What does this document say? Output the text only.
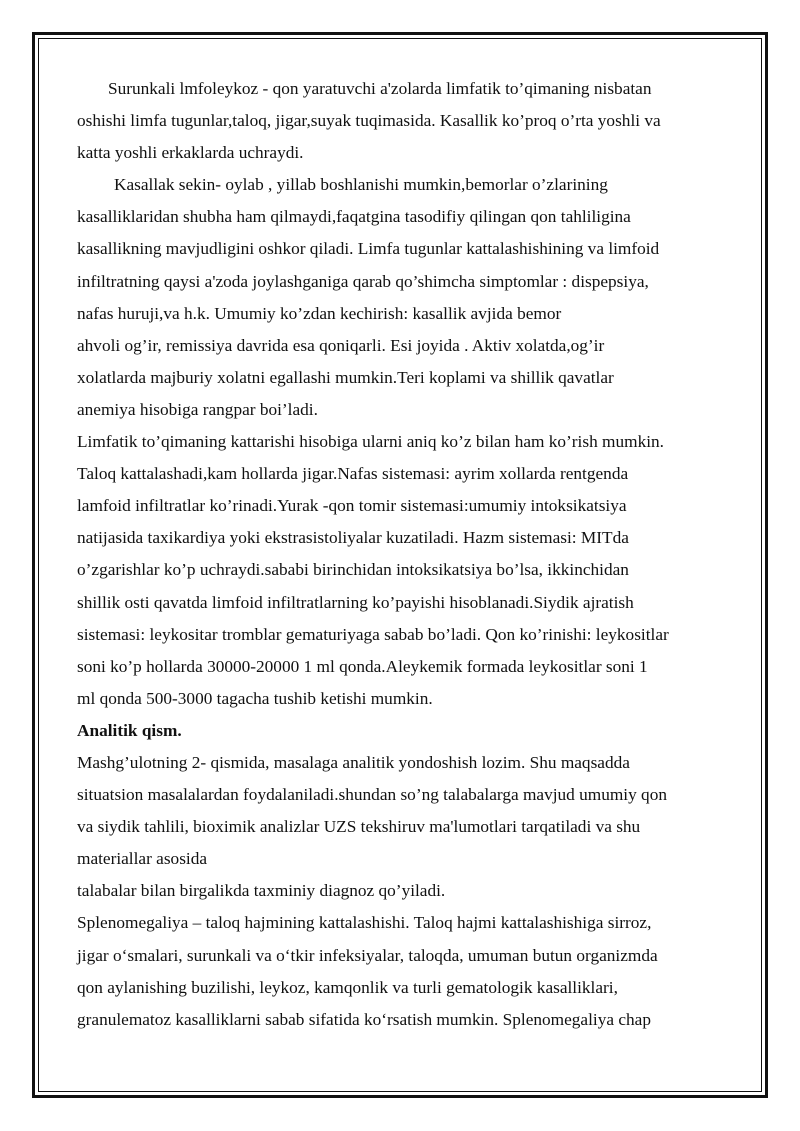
Surunkali lmfoleykoz - qon yaratuvchi a'zolarda limfatik to’qimaning nisbatan
oshishi limfa tugunlar,taloq, jigar,suyak tuqimasida. Kasallik ko’proq o’rta yoshli va
katta yoshli erkaklarda uchraydi.
Kasallak sekin- oylab , yillab boshlanishi mumkin,bemorlar o’zlarining
kasalliklaridan shubha ham qilmaydi,faqatgina tasodifiy qilingan qon tahliligina
kasallikning mavjudligini oshkor qiladi. Limfa tugunlar kattalashishining va limfoid
infiltratning qaysi a'zoda joylashganiga qarab qo’shimcha simptomlar : dispepsiya,
nafas huruji,va h.k. Umumiy ko’zdan kechirish: kasallik avjida bemor
ahvoli og’ir, remissiya davrida esa qoniqarli. Esi joyida . Aktiv xolatda,og’ir
xolatlarda majburiy xolatni egallashi mumkin.Teri koplami va shillik qavatlar
anemiya hisobiga rangpar boi’ladi.
Limfatik to’qimaning kattarishi hisobiga ularni aniq ko’z bilan ham ko’rish mumkin.
Taloq kattalashadi,kam hollarda jigar.Nafas sistemasi: ayrim xollarda rentgenda
lamfoid infiltratlar ko’rinadi.Yurak -qon tomir sistemasi:umumiy intoksikatsiya
natijasida taxikardiya yoki ekstrasistoliyalar kuzatiladi. Hazm sistemasi: MITda
o’zgarishlar ko’p uchraydi.sababi birinchidan intoksikatsiya bo’lsa, ikkinchidan
shillik osti qavatda limfoid infiltratlarning ko’payishi hisoblanadi.Siydik ajratish
sistemasi: leykositar tromblar gematuriyaga sabab bo’ladi. Qon ko’rinishi: leykositlar
soni ko’p hollarda 30000-20000 1 ml qonda.Aleykemik formada leykositlar soni 1
ml qonda 500-3000 tagacha tushib ketishi mumkin.
Analitik qism.
Mashg’ulotning 2- qismida, masalaga analitik yondoshish lozim. Shu maqsadda
situatsion masalalardan foydalaniladi.shundan so’ng talabalarga mavjud umumiy qon
va siydik tahlili, bioximik analizlar UZS tekshiruv ma'lumotlari tarqatiladi va shu
materiallar asosida
talabalar bilan birgalikda taxminiy diagnoz qo’yiladi.
Splenomegaliya – taloq hajmining kattalashishi. Taloq hajmi kattalashishiga sirroz,
jigar o‘smalari, surunkali va o‘tkir infeksiyalar, taloqda, umuman butun organizmda
qon aylanishing buzilishi, leykoz, kamqonlik va turli gematologik kasalliklari,
granulematoz kasalliklarni sabab sifatida ko‘rsatish mumkin. Splenomegaliya chap
